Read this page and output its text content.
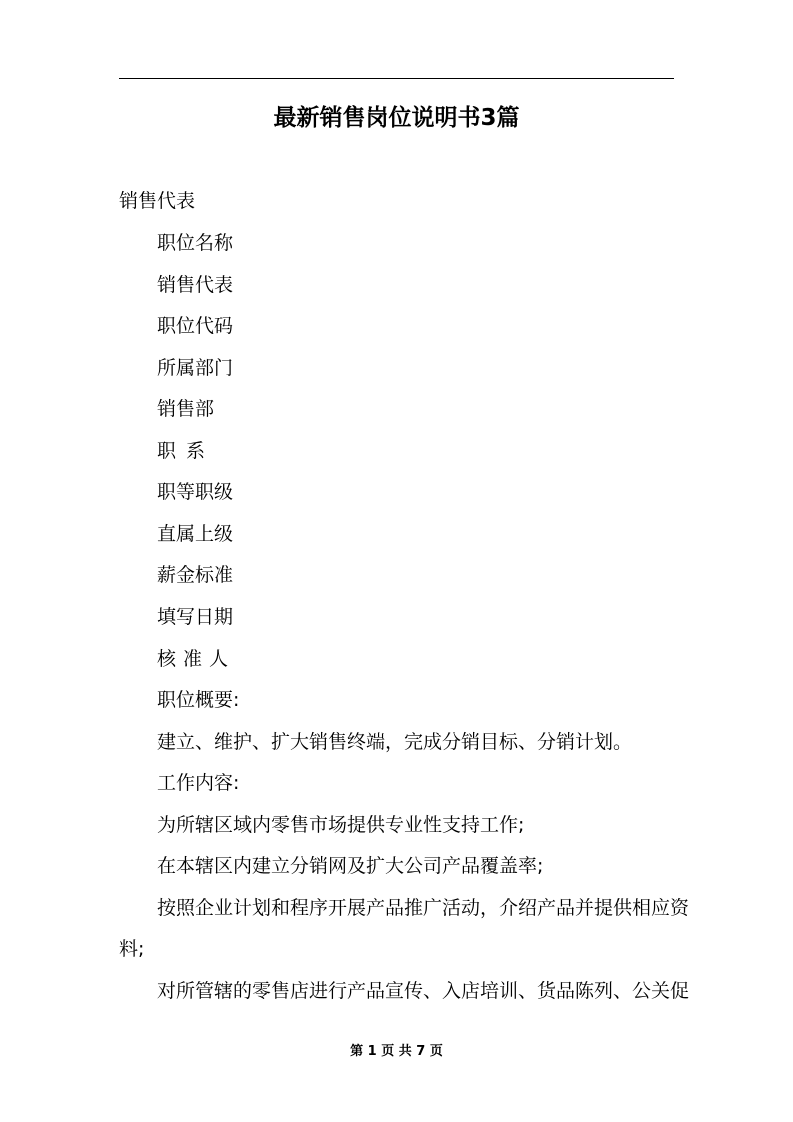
最新销售岗位说明书3篇
销售代表
职位名称
销售代表
职位代码
所属部门
销售部
职系
职等职级
直属上级
薪金标准
填写日期
核准人
职位概要:
建立、维护、扩大销售终端，完成分销目标、分销计划。
工作内容:
为所辖区域内零售市场提供专业性支持工作;
在本辖区内建立分销网及扩大公司产品覆盖率;
按照企业计划和程序开展产品推广活动，介绍产品并提供相应资
料;
对所管辖的零售店进行产品宣传、入店培训、货品陈列、公关促
第 1 页 共 7 页
